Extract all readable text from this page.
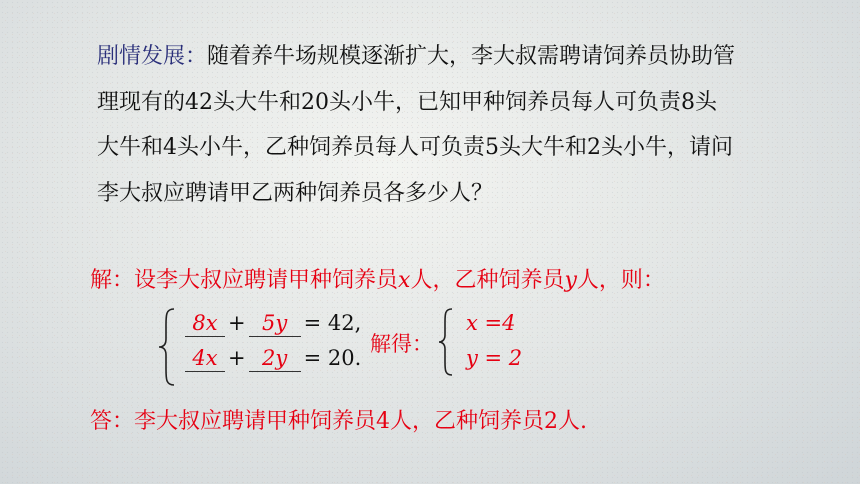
剧情发展：随着养牛场规模逐渐扩大，李大叔需聘请饲养员协助管理现有的42头大牛和20头小牛，已知甲种饲养员每人可负责8头大牛和4头小牛，乙种饲养员每人可负责5头大牛和2头小牛，请问李大叔应聘请甲乙两种饲养员各多少人？
解：设李大叔应聘请甲种饲养员x人，乙种饲养员y人，则：
8x + 5y = 42,
4x + 2y = 20.
解得：
x =4
y = 2
答：李大叔应聘请甲种饲养员4人，乙种饲养员2人.
